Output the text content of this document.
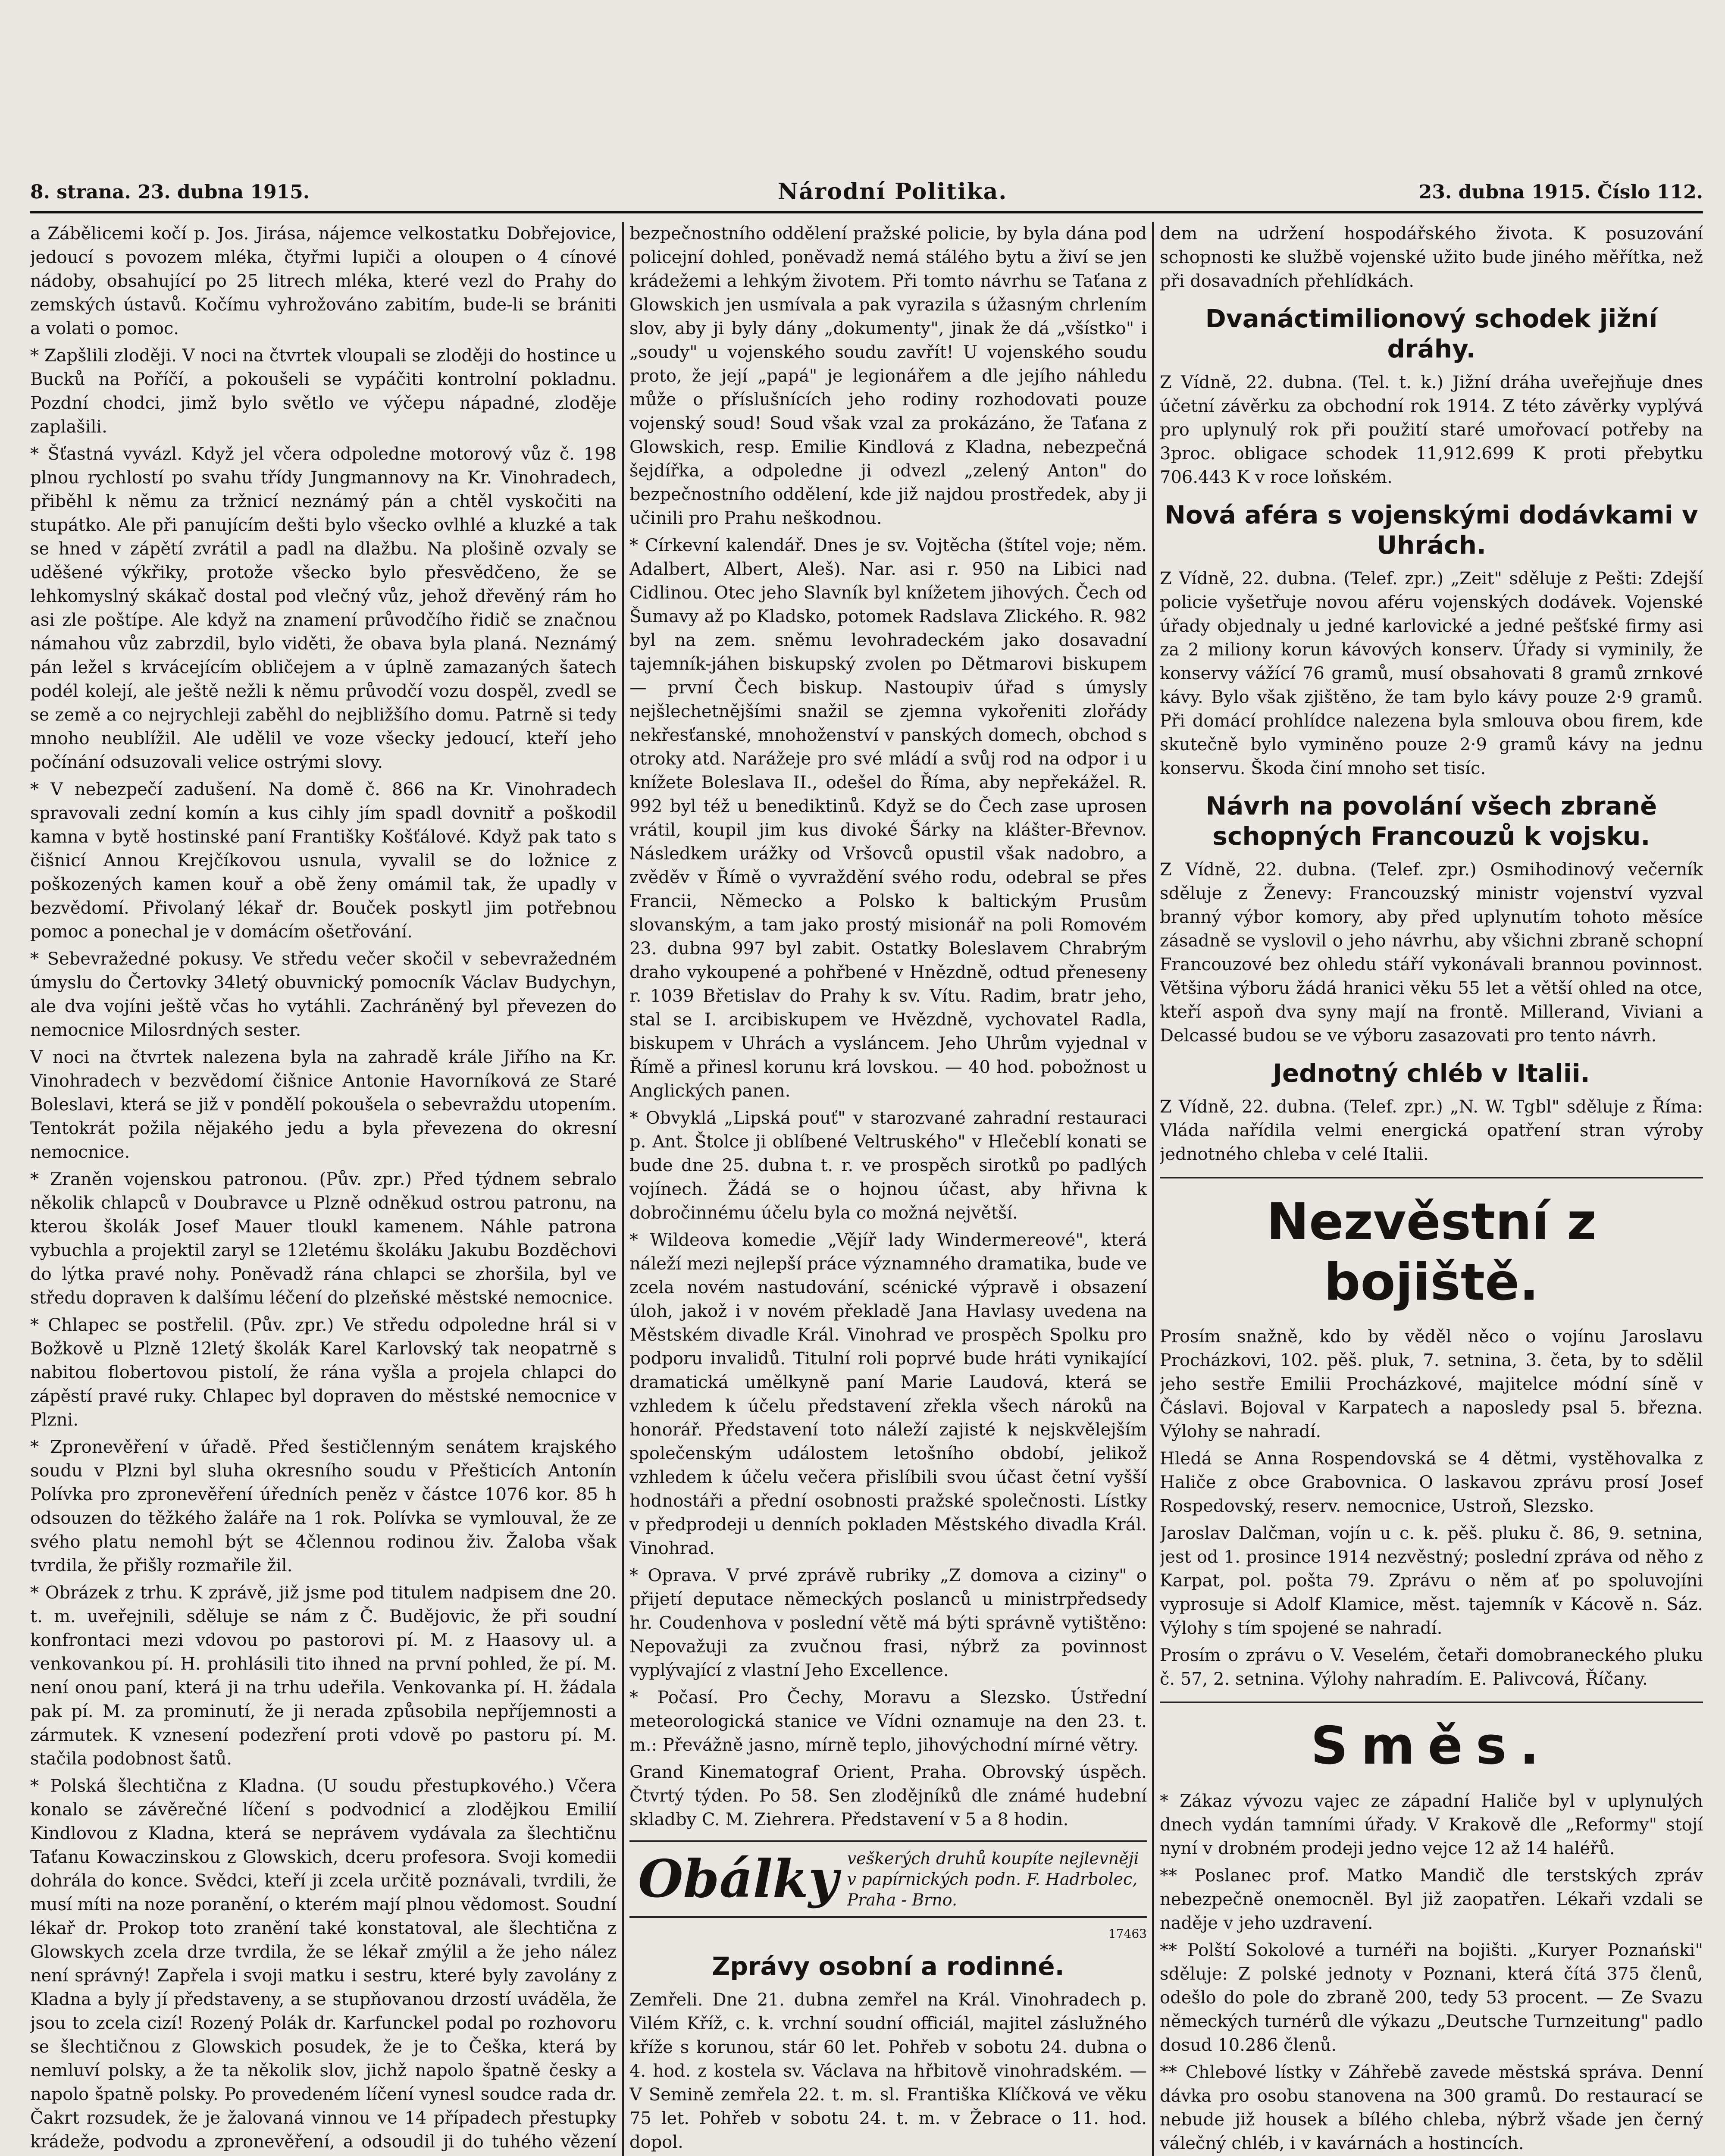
8. strana. 23. dubna 1915.	Národní Politika.	23. dubna 1915. Číslo 112.

a Zábělicemi kočí p. Jos. Jirása, nájemce velkostatku Dobřejovice, jedoucí s povozem mléka, čtyřmi lupiči a oloupen o 4 cínové nádoby, obsahující po 25 litrech mléka, které vezl do Prahy do zemských ústavů. Kočímu vyhrožováno zabitím, bude-li se brániti a volati o pomoc.

* Zapšlili zloději. V noci na čtvrtek vloupali se zloději do hostince u Bucků na Poříčí, a pokoušeli se vypáčiti kontrolní pokladnu. Pozdní chodci, jimž bylo světlo ve výčepu nápadné, zloděje zaplašili.

* Šťastná vyvázl. Když jel včera odpoledne motorový vůz č. 198 plnou rychlostí po svahu třídy Jungmannovy na Kr. Vinohradech, přiběhl k němu za tržnicí neznámý pán a chtěl vyskočiti na stupátko. Ale při panujícím dešti bylo všecko ovlhlé a kluzké a tak se hned v zápětí zvrátil a padl na dlažbu. Na plošině ozvaly se uděšené výkřiky, protože všecko bylo přesvědčeno, že se lehkomyslný skákač dostal pod vlečný vůz, jehož dřevěný rám ho asi zle poštípe. Ale když na znamení průvodčího řidič se značnou námahou vůz zabrzdil, bylo viděti, že obava byla planá. Neznámý pán ležel s krvácejícím obličejem a v úplně zamazaných šatech podél kolejí, ale ještě nežli k němu průvodčí vozu dospěl, zvedl se se země a co nejrychleji zaběhl do nejbližšího domu. Patrně si tedy mnoho neublížil. Ale udělil ve voze všecky jedoucí, kteří jeho počínání odsuzovali velice ostrými slovy.

* V nebezpečí zadušení. Na domě č. 866 na Kr. Vinohradech spravovali zední komín a kus cihly jím spadl dovnitř a poškodil kamna v bytě hostinské paní Františky Košťálové. Když pak tato s čišnicí Annou Krejčíkovou usnula, vyvalil se do ložnice z poškozených kamen kouř a obě ženy omámil tak, že upadly v bezvědomí. Přivolaný lékař dr. Bouček poskytl jim potřebnou pomoc a ponechal je v domácím ošetřování.

* Sebevražedné pokusy. Ve středu večer skočil v sebevražedném úmyslu do Čertovky 34letý obuvnický pomocník Václav Budychyn, ale dva vojíni ještě včas ho vytáhli. Zachráněný byl převezen do nemocnice Milosrdných sester.

V noci na čtvrtek nalezena byla na zahradě krále Jiřího na Kr. Vinohradech v bezvědomí čišnice Antonie Havorníková ze Staré Boleslavi, která se již v pondělí pokoušela o sebevraždu utopením. Tentokrát požila nějakého jedu a byla převezena do okresní nemocnice.

* Zraněn vojenskou patronou. (Pův. zpr.) Před týdnem sebralo několik chlapců v Doubravce u Plzně odněkud ostrou patronu, na kterou školák Josef Mauer tloukl kamenem. Náhle patrona vybuchla a projektil zaryl se 12letému školáku Jakubu Bozděchovi do lýtka pravé nohy. Poněvadž rána chlapci se zhoršila, byl ve středu dopraven k dalšímu léčení do plzeňské městské nemocnice.

* Chlapec se postřelil. (Pův. zpr.) Ve středu odpoledne hrál si v Božkově u Plzně 12letý školák Karel Karlovský tak neopatrně s nabitou flobertovou pistolí, že rána vyšla a projela chlapci do zápěstí pravé ruky. Chlapec byl dopraven do městské nemocnice v Plzni.

* Zpronevěření v úřadě. Před šestičlenným senátem krajského soudu v Plzni byl sluha okresního soudu v Přešticích Antonín Polívka pro zpronevěření úředních peněz v částce 1076 kor. 85 h odsouzen do těžkého žaláře na 1 rok. Polívka se vymlouval, že ze svého platu nemohl být se 4člennou rodinou živ. Žaloba však tvrdila, že přišly rozmařile žil.

* Obrázek z trhu. K zprávě, již jsme pod titulem nadpisem dne 20. t. m. uveřejnili, sděluje se nám z Č. Budějovic, že při soudní konfrontaci mezi vdovou po pastorovi pí. M. z Haasovy ul. a venkovankou pí. H. prohlásili tito ihned na první pohled, že pí. M. není onou paní, která ji na trhu udeřila. Venkovanka pí. H. žádala pak pí. M. za prominutí, že ji nerada způsobila nepříjemnosti a zármutek. K vznesení podezření proti vdově po pastoru pí. M. stačila podobnost šatů.

* Polská šlechtična z Kladna. (U soudu přestupkového.) Včera konalo se závěrečné líčení s podvodnicí a zlodějkou Emilií Kindlovou z Kladna, která se neprávem vydávala za šlechtičnu Taťanu Kowaczinskou z Glowskich, dceru profesora. Svoji komedii dohrála do konce. Svědci, kteří ji zcela určitě poznávali, tvrdili, že musí míti na noze poranění, o kterém mají plnou vědomost. Soudní lékař dr. Prokop toto zranění také konstatoval, ale šlechtična z Glowskych zcela drze tvrdila, že se lékař zmýlil a že jeho nález není správný! Zapřela i svoji matku i sestru, které byly zavolány z Kladna a byly jí představeny, a se stupňovanou drzostí uváděla, že jsou to zcela cizí! Rozený Polák dr. Karfunckel podal po rozhovoru se šlechtičnou z Glowskich posudek, že je to Češka, která by nemluví polsky, a že ta několik slov, jichž napolo špatně česky a napolo špatně polsky. Po provedeném líčení vynesl soudce rada dr. Čakrt rozsudek, že je žalovaná vinnou ve 14 případech přestupky krádeže, podvodu a zpronevěření, a odsoudil ji do tuhého vězení

bezpečnostního oddělení pražské policie, by byla dána pod policejní dohled, poněvadž nemá stálého bytu a živí se jen krádežemi a lehkým životem. Při tomto návrhu se Taťana z Glowskich jen usmívala a pak vyrazila s úžasným chrlením slov, aby ji byly dány „dokumenty", jinak že dá „všístko" i „soudy" u vojenského soudu zavřít! U vojenského soudu proto, že její „papá" je legionářem a dle jejího náhledu může o příslušnících jeho rodiny rozhodovati pouze vojenský soud! Soud však vzal za prokázáno, že Taťana z Glowskich, resp. Emilie Kindlová z Kladna, nebezpečná šejdířka, a odpoledne ji odvezl „zelený Anton" do bezpečnostního oddělení, kde již najdou prostředek, aby ji učinili pro Prahu neškodnou.

* Církevní kalendář. Dnes je sv. Vojtěcha (štítel voje; něm. Adalbert, Albert, Aleš). Nar. asi r. 950 na Libici nad Cidlinou. Otec jeho Slavník byl knížetem jihových. Čech od Šumavy až po Kladsko, potomek Radslava Zlického. R. 982 byl na zem. sněmu levohradeckém jako dosavadní tajemník-jáhen biskupský zvolen po Dětmarovi biskupem — první Čech biskup. Nastoupiv úřad s úmysly nejšlechetnějšími snažil se zjemna vykořeniti zlořády nekřesťanské, mnohoženství v panských domech, obchod s otroky atd. Narážeje pro své mládí a svůj rod na odpor i u knížete Boleslava II., odešel do Říma, aby nepřekážel. R. 992 byl též u benediktinů. Když se do Čech zase uprosen vrátil, koupil jim kus divoké Šárky na klášter-Břevnov. Následkem urážky od Vršovců opustil však nadobro, a zvěděv v Římě o vyvraždění svého rodu, odebral se přes Francii, Německo a Polsko k baltickým Prusům slovanským, a tam jako prostý misionář na poli Romovém 23. dubna 997 byl zabit. Ostatky Boleslavem Chrabrým draho vykoupené a pohřbené v Hnězdně, odtud přeneseny r. 1039 Břetislav do Prahy k sv. Vítu. Radim, bratr jeho, stal se I. arcibiskupem ve Hvězdně, vychovatel Radla, biskupem v Uhrách a vysláncem. Jeho Uhrům vyjednal v Římě a přinesl korunu krá lovskou. — 40 hod. pobožnost u Anglických panen.

* Obvyklá „Lipská pouť" v starozvané zahradní restauraci p. Ant. Štolce ji oblíbené Veltruského" v Hlečeblí konati se bude dne 25. dubna t. r. ve prospěch sirotků po padlých vojínech. Žádá se o hojnou účast, aby hřivna k dobročinnému účelu byla co možná největší.

* Wildeova komedie „Vějíř lady Windermereové", která náleží mezi nejlepší práce významného dramatika, bude ve zcela novém nastudování, scénické výpravě i obsazení úloh, jakož i v novém překladě Jana Havlasy uvedena na Městském divadle Král. Vinohrad ve prospěch Spolku pro podporu invalidů. Titulní roli poprvé bude hráti vynikající dramatická umělkyně paní Marie Laudová, která se vzhledem k účelu představení zřekla všech nároků na honorář. Představení toto náleží zajisté k nejskvělejším společenským událostem letošního období, jelikož vzhledem k účelu večera přislíbili svou účast četní vyšší hodnostáři a přední osobnosti pražské společnosti. Lístky v předprodeji u denních pokladen Městského divadla Král. Vinohrad.

* Oprava. V prvé zprávě rubriky „Z domova a ciziny" o přijetí deputace německých poslanců u ministrpředsedy hr. Coudenhova v poslední větě má býti správně vytištěno: Nepovažuji za zvučnou frasi, nýbrž za povinnost vyplývající z vlastní Jeho Excellence.

* Počasí. Pro Čechy, Moravu a Slezsko. Ústřední meteorologická stanice ve Vídni oznamuje na den 23. t. m.: Převážně jasno, mírně teplo, jihovýchodní mírné větry.

Grand Kinematograf Orient, Praha. Obrovský úspěch. Čtvrtý týden. Po 58. Sen zlodějníků dle známé hudební skladby C. M. Ziehrera. Představení v 5 a 8 hodin.

Obálky veškerých druhů koupíte nejlevněji v papírnických podn. F. Hadrbolec, Praha - Brno.
17463
Zprávy osobní a rodinné.

Zemřeli. Dne 21. dubna zemřel na Král. Vinohradech p. Vilém Kříž, c. k. vrchní soudní officiál, majitel záslužného kříže s korunou, stár 60 let. Pohřeb v sobotu 24. dubna o 4. hod. z kostela sv. Václava na hřbitově vinohradském. — V Semině zemřela 22. t. m. sl. Františka Klíčková ve věku 75 let. Pohřeb v sobotu 24. t. m. v Žebrace o 11. hod. dopol.

dem na udržení hospodářského života. K posuzování schopnosti ke službě vojenské užito bude jiného měřítka, než při dosavadních přehlídkách.

Dvanáctimilionový schodek jižní dráhy.

Z Vídně, 22. dubna. (Tel. t. k.) Jižní dráha uveřejňuje dnes účetní závěrku za obchodní rok 1914. Z této závěrky vyplývá pro uplynulý rok při použití staré umořovací potřeby na 3proc. obligace schodek 11,912.699 K proti přebytku 706.443 K v roce loňském.

Nová aféra s vojenskými dodávkami v Uhrách.

Z Vídně, 22. dubna. (Telef. zpr.) „Zeit" sděluje z Pešti: Zdejší policie vyšetřuje novou aféru vojenských dodávek. Vojenské úřady objednaly u jedné karlovické a jedné pešťské firmy asi za 2 miliony korun kávových konserv. Úřady si vyminily, že konservy vážící 76 gramů, musí obsahovati 8 gramů zrnkové kávy. Bylo však zjištěno, že tam bylo kávy pouze 2·9 gramů. Při domácí prohlídce nalezena byla smlouva obou firem, kde skutečně bylo vyminěno pouze 2·9 gramů kávy na jednu konservu. Škoda činí mnoho set tisíc.

Návrh na povolání všech zbraně schopných Francouzů k vojsku.

Z Vídně, 22. dubna. (Telef. zpr.) Osmihodinový večerník sděluje z Ženevy: Francouzský ministr vojenství vyzval branný výbor komory, aby před uplynutím tohoto měsíce zásadně se vyslovil o jeho návrhu, aby všichni zbraně schopní Francouzové bez ohledu stáří vykonávali brannou povinnost. Většina výboru žádá hranici věku 55 let a větší ohled na otce, kteří aspoň dva syny mají na frontě. Millerand, Viviani a Delcassé budou se ve výboru zasazovati pro tento návrh.

Jednotný chléb v Italii.

Z Vídně, 22. dubna. (Telef. zpr.) „N. W. Tgbl" sděluje z Říma: Vláda nařídila velmi energická opatření stran výroby jednotného chleba v celé Italii.

Nezvěstní z bojiště.

Prosím snažně, kdo by věděl něco o vojínu Jaroslavu Procházkovi, 102. pěš. pluk, 7. setnina, 3. četa, by to sdělil jeho sestře Emilii Procházkové, majitelce módní síně v Čáslavi. Bojoval v Karpatech a naposledy psal 5. března. Výlohy se nahradí.

Hledá se Anna Rospendovská se 4 dětmi, vystěhovalka z Haliče z obce Grabovnica. O laskavou zprávu prosí Josef Rospedovský, reserv. nemocnice, Ustroň, Slezsko.

Jaroslav Dalčman, vojín u c. k. pěš. pluku č. 86, 9. setnina, jest od 1. prosince 1914 nezvěstný; poslední zpráva od něho z Karpat, pol. pošta 79. Zprávu o něm ať po spoluvojíni vyprosuje si Adolf Klamice, měst. tajemník v Kácově n. Sáz. Výlohy s tím spojené se nahradí.

Prosím o zprávu o V. Veselém, četaři domobraneckého pluku č. 57, 2. setnina. Výlohy nahradím. E. Palivcová, Říčany.

Směs.

* Zákaz vývozu vajec ze západní Haliče byl v uplynulých dnech vydán tamními úřady. V Krakově dle „Reformy" stojí nyní v drobném prodeji jedno vejce 12 až 14 haléřů.

** Poslanec prof. Matko Mandič dle terstských zpráv nebezpečně onemocněl. Byl již zaopatřen. Lékaři vzdali se naděje v jeho uzdravení.

** Polští Sokolové a turnéři na bojišti. „Kuryer Poznański" sděluje: Z polské jednoty v Poznani, která čítá 375 členů, odešlo do pole do zbraně 200, tedy 53 procent. — Ze Svazu německých turnérů dle výkazu „Deutsche Turnzeitung" padlo dosud 10.286 členů.

** Chlebové lístky v Záhřebě zavede městská správa. Denní dávka pro osobu stanovena na 300 gramů. Do restaurací se nebude již housek a bílého chleba, nýbrž všade jen černý válečný chléb, i v kavárnách a hostincích.
